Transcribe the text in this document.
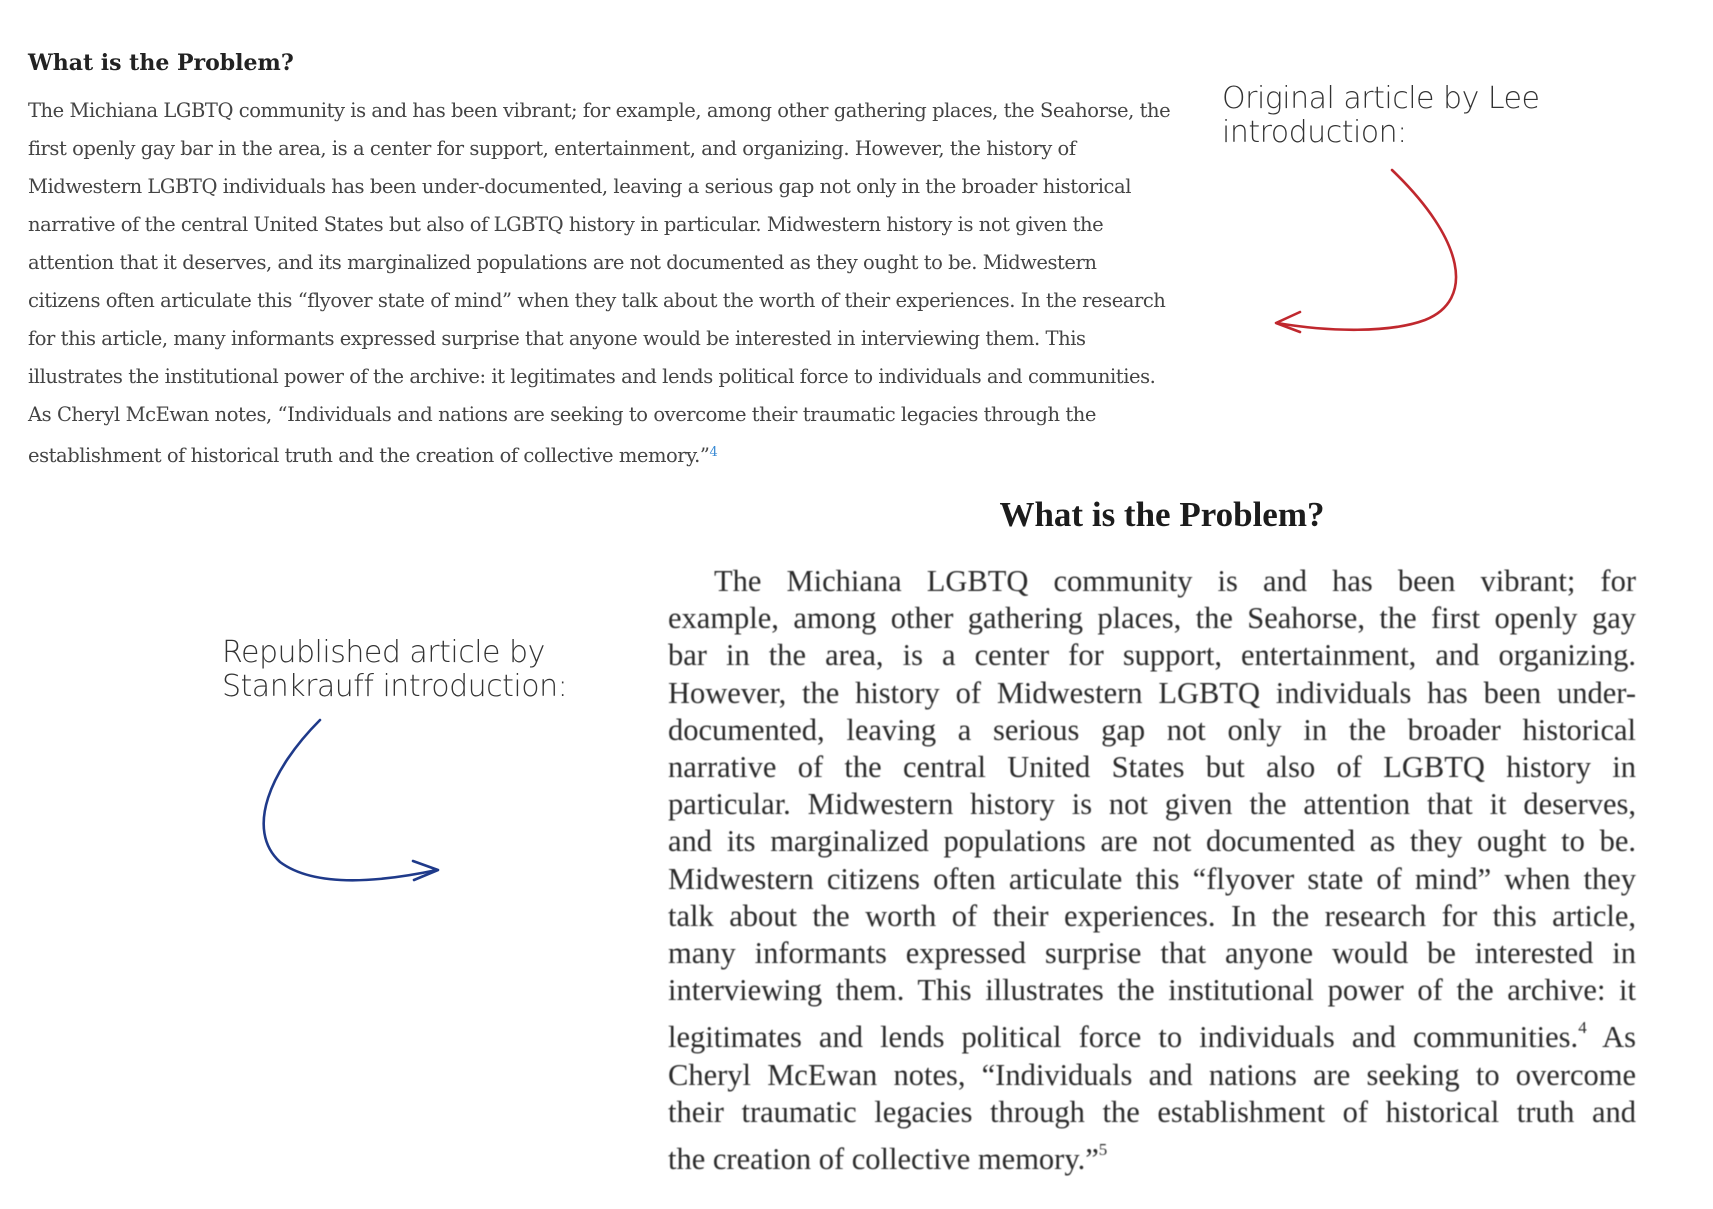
What is the Problem?
The Michiana LGBTQ community is and has been vibrant; for example, among other gathering places, the Seahorse, the
first openly gay bar in the area, is a center for support, entertainment, and organizing. However, the history of
Midwestern LGBTQ individuals has been under-documented, leaving a serious gap not only in the broader historical
narrative of the central United States but also of LGBTQ history in particular. Midwestern history is not given the
attention that it deserves, and its marginalized populations are not documented as they ought to be. Midwestern
citizens often articulate this “flyover state of mind” when they talk about the worth of their experiences. In the research
for this article, many informants expressed surprise that anyone would be interested in interviewing them. This
illustrates the institutional power of the archive: it legitimates and lends political force to individuals and communities.
As Cheryl McEwan notes, “Individuals and nations are seeking to overcome their traumatic legacies through the
establishment of historical truth and the creation of collective memory.”$^4$
Original article by Lee
introduction:
Republished article by
Stankrauff introduction:
What is the Problem?
The Michiana LGBTQ community is and has been vibrant; for
example, among other gathering places, the Seahorse, the first openly gay
bar in the area, is a center for support, entertainment, and organizing.
However, the history of Midwestern LGBTQ individuals has been under-
documented, leaving a serious gap not only in the broader historical
narrative of the central United States but also of LGBTQ history in
particular. Midwestern history is not given the attention that it deserves,
and its marginalized populations are not documented as they ought to be.
Midwestern citizens often articulate this “flyover state of mind” when they
talk about the worth of their experiences. In the research for this article,
many informants expressed surprise that anyone would be interested in
interviewing them. This illustrates the institutional power of the archive: it
legitimates and lends political force to individuals and communities.$^4$ As
Cheryl McEwan notes, “Individuals and nations are seeking to overcome
their traumatic legacies through the establishment of historical truth and
the creation of collective memory.”$^5$
